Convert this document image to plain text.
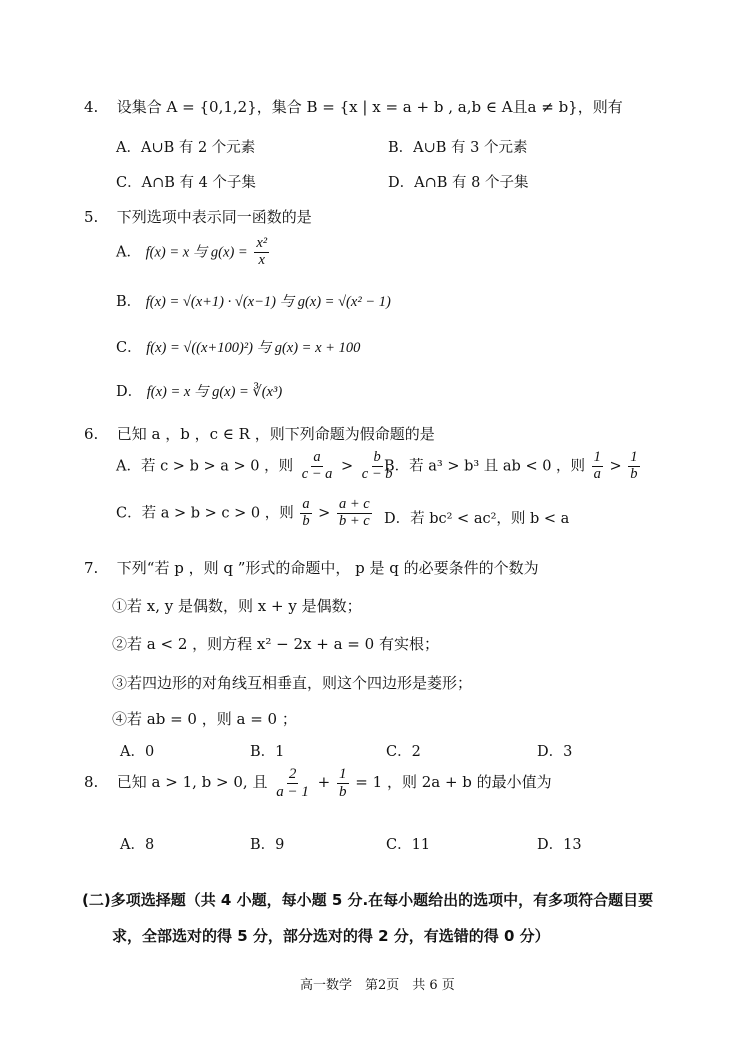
4. 设集合 A = {0,1,2}，集合 B = {x | x = a + b , a,b ∈ A且a ≠ b}，则有
A．A∪B 有 2 个元素	B．A∪B 有 3 个元素
C．A∩B 有 4 个子集	D．A∩B 有 8 个子集
5. 下列选项中表示同一函数的是
A． f(x) = x 与 $g(x) = \frac{\text{x²}}{x}$
B． f(x) = √(x+1) · √(x−1) 与 g(x) = √(x² − 1)
C． f(x) = √((x+100)²) 与 g(x) = x + 100
D． f(x) = x 与 g(x) = ∛(x³)
6. 已知 a ，b ，c ∈ R ，则下列命题为假命题的是
A．若 c > b > a > 0 ，则 $\frac{a}{c - a} > \frac{b}{c - b}$
B．若 a³ > b³ 且 ab < 0 ，则 $\frac{1}{a} > \frac{1}{b}$
C．若 a > b > c > 0 ，则 $\frac{a}{b} > \frac{a + c}{b + c}$ D．若 bc² < ac²，则 b < a
7. 下列“若 p ，则 q ”形式的命题中， p 是 q 的必要条件的个数为
①若 x, y 是偶数，则 x + y 是偶数；
②若 a < 2 ，则方程 x² − 2x + a = 0 有实根；
③若四边形的对角线互相垂直，则这个四边形是菱形；
④若 ab = 0 ，则 a = 0 ；
A．0	B．1	C．2	D．3
8. 已知 a > 1, b > 0, 且 $\frac{2}{a - 1} + \frac{1}{b} = 1$ ，则 2a + b 的最小值为
A．8	B．9	C．11	D．13
(二)多项选择题（共 4 小题，每小题 5 分.在每小题给出的选项中，有多项符合题目要
求，全部选对的得 5 分，部分选对的得 2 分，有选错的得 0 分）
高一数学　第2页　共 6 页
